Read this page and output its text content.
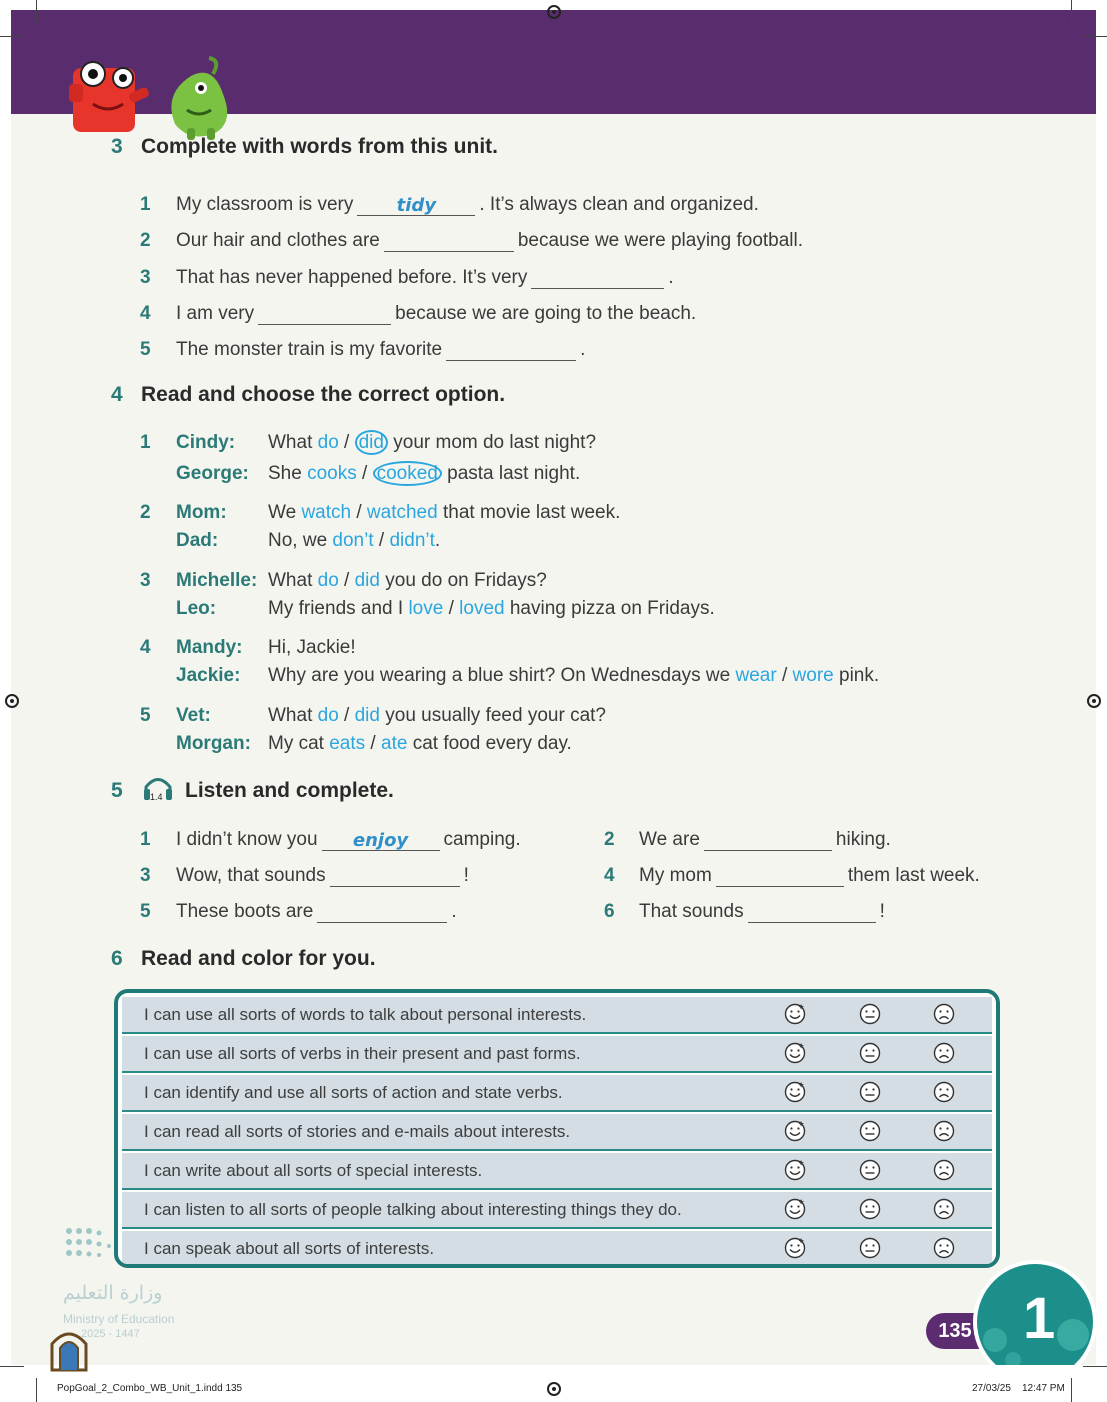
3 Complete with words from this unit.
1 My classroom is very	tidy	. It’s always clean and organized.
2 Our hair and clothes are	because we were playing football.
3 That has never happened before. It’s very	.
4 I am very	because we are going to the beach.
5 The monster train is my favorite	.
4 Read and choose the correct option.
1 Cindy: What do / did your mom do last night?
George: She cooks / cooked pasta last night.
2 Mom: We watch / watched that movie last week.
Dad:	No, we don’t / didn’t.
3 Michelle: What do / did you do on Fridays?
Leo:	My friends and I love / loved having pizza on Fridays.
4 Mandy: Hi, Jackie!
Jackie: Why are you wearing a blue shirt? On Wednesdays we wear / wore pink.
5 Vet:	What do / did you usually feed your cat?
Morgan: My cat eats / ate cat food every day.
5	1.4 Listen and complete.
1 I didn’t know you	enjoy	camping.	2 We are	hiking.
3 Wow, that sounds	!	4 My mom	them last week.
5 These boots are	.	6 That sounds	!
6 Read and color for you.
I can use all sorts of words to talk about personal interests.
I can use all sorts of verbs in their present and past forms.
I can identify and use all sorts of action and state verbs.
I can read all sorts of stories and e-mails about interests.
I can write about all sorts of special interests.
I can listen to all sorts of people talking about interesting things they do.
I can speak about all sorts of interests.
وزارة التعليم
Ministry of Education
2025 - 1447	135 1
PopGoal_2_Combo_WB_Unit_1.indd 135	27/03/25 12:47 PM
